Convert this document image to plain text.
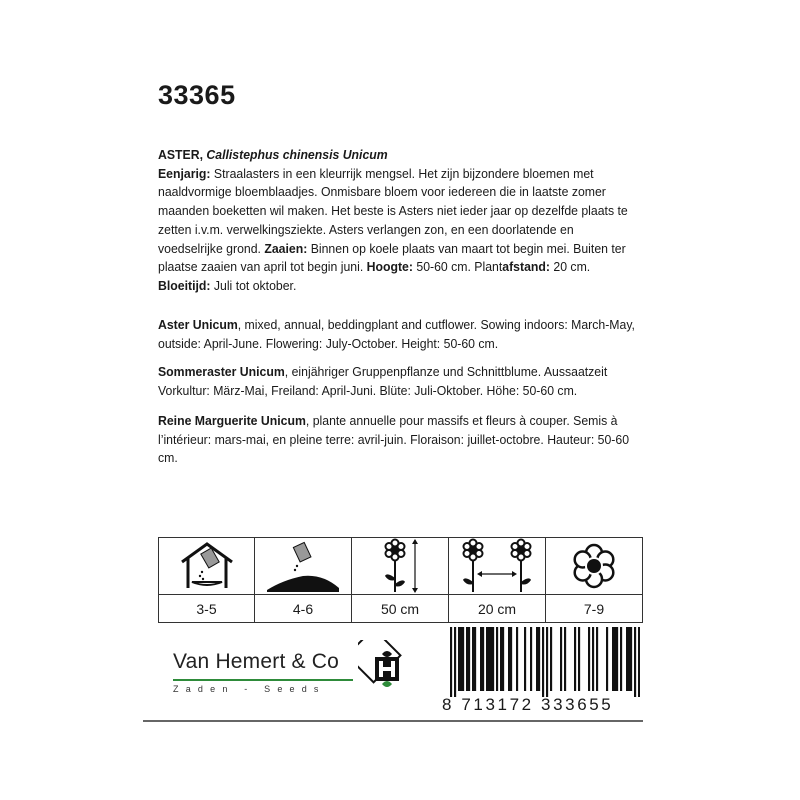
33365
ASTER, Callistephus chinensis Unicum
Eenjarig: Straalasters in een kleurrijk mengsel. Het zijn bijzondere bloemen met naaldvormige bloemblaadjes. Onmisbare bloem voor iedereen die in laatste zomer maanden boeketten wil maken. Het beste is Asters niet ieder jaar op dezelfde plaats te zetten i.v.m. verwelkingsziekte. Asters verlangen zon, en een doorlatende en voedselrijke grond. Zaaien: Binnen op koele plaats van maart tot begin mei. Buiten ter plaatse zaaien van april tot begin juni. Hoogte: 50-60 cm. Plantafstand: 20 cm.
Bloeitijd: Juli tot oktober.
Aster Unicum, mixed, annual, beddingplant and cutflower. Sowing indoors: March-May, outside: April-June. Flowering: July-October. Height: 50-60 cm.
Sommeraster Unicum, einjähriger Gruppenpflanze und Schnittblume. Aussaatzeit Vorkultur: März-Mai, Freiland: April-Juni. Blüte: Juli-Oktober. Höhe: 50-60 cm.
Reine Marguerite Unicum, plante annuelle pour massifs et fleurs à couper. Semis à l’intérieur: mars-mai, en pleine terre: avril-juin. Floraison: juillet-octobre. Hauteur: 50-60 cm.
3-5	4-6	50 cm	20 cm	7-9
Van Hemert & Co
Zaden - Seeds
8 713172 333655
